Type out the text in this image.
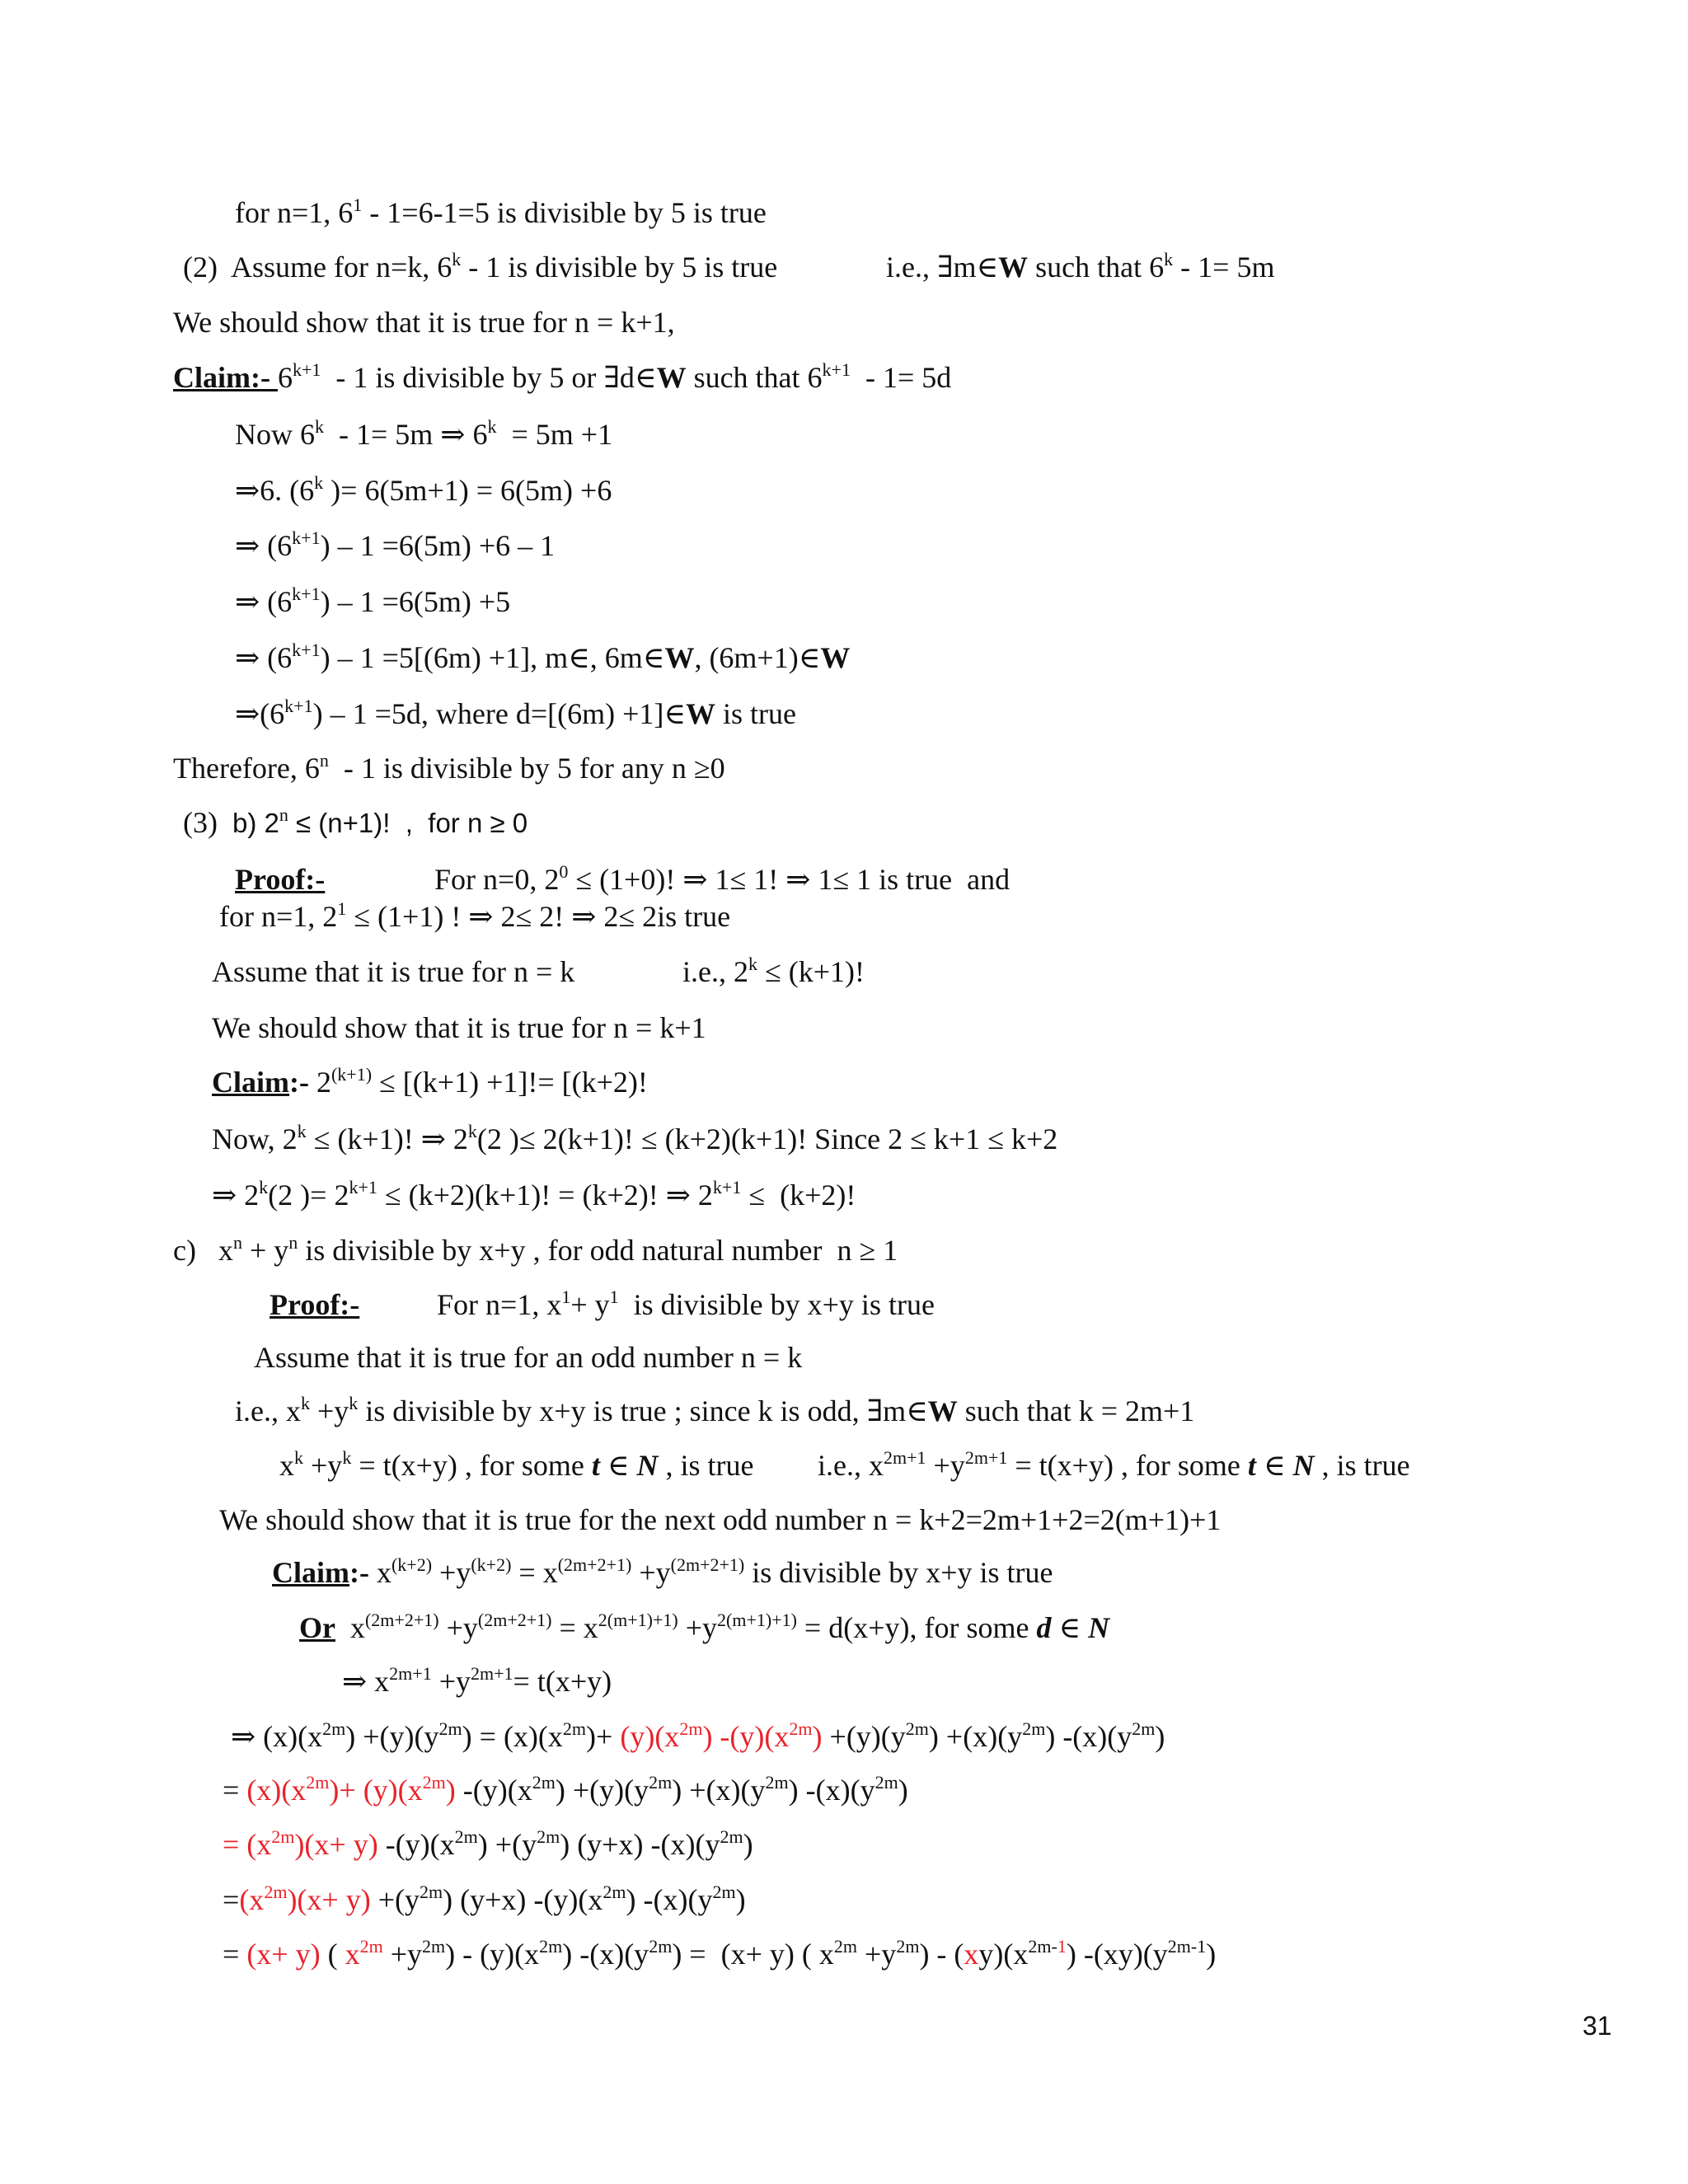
for n=1, $6^1 - 1=6-1=5$ is divisible by 5 is true
(2)  Assume for n=k, 6$^k$ - 1 is divisible by 5 is true	i.e., ∃m∈W such that 6$^k$ - 1= 5m
We should show that it is true for n = k+1,
Claim:- $6^{k+1} - 1$ is divisible by 5 or ∃d∈W such that $6^{k+1} - 1= 5d$
Now 6$^k$  - 1= 5m ⇒ 6$^k$  = 5m +1
⇒6. (6$^k$ )= 6(5m+1) = 6(5m) +6
⇒ $(6^{k+1}) - 1 =6(5m) +6 - 1$
⇒ $(6^{k+1}) - 1 =6(5m) +5$
⇒ $(6^{k+1}) - 1 =5[(6m) +1]$, m∈, 6m∈W, (6m+1)∈W
$\Rightarrow(6^{k+1}) - 1 =5d$, where d=[(6m) +1]∈W is true
Therefore, 6$^n$  - 1 is divisible by 5 for any n ≥0
(3)  b) $2^n \le (n+1)$!  ,  for n ≥ 0
Proof:-	For n=0, $2^0 \le (1+0)$! ⇒ 1≤ 1! ⇒ 1≤ 1 is true  and
for n=1, $2^1 \le (1+1)$ ! ⇒ 2≤ 2! ⇒ 2≤ 2is true
Assume that it is true for n = k	i.e., $2^k \le (k+1)$!
We should show that it is true for n = k+1
Claim:- $2^{(k+1)} \le [(k+1) +1]!= [(k+2)$!
Now, $2^k \le (k+1)$! ⇒ 2$^k$(2 )≤ 2(k+1)! ≤ (k+2)(k+1)! Since 2 ≤ k+1 ≤ k+2
⇒ 2$^k$(2 )= $2^{k+1} \le (k+2)(k+1)$! = (k+2)! ⇒ $2^{k+1} \le (k+2)$!
c)   $x^n + y^n$ is divisible by x+y , for odd natural number  n ≥ 1
Proof:-	For n=1, $x^1+ y^1$  is divisible by x+y is true
Assume that it is true for an odd number n = k
i.e., $x^k +y^k$ is divisible by x+y is true ; since k is odd, ∃m∈W such that k = 2m+1
$x^k +y^k = t(x+y)$ , for some t ∈ N , is true i.e., $x^{2m+1} +y^{2m+1} = t(x+y)$ , for some t ∈ N , is true
We should show that it is true for the next odd number n = k+2=2m+1+2=2(m+1)+1
Claim:- $x^{(k+2)} +y^{(k+2)} = x^{(2m+2+1)} +y^{(2m+2+1)}$ is divisible by x+y is true
Or  $x^{(2m+2+1)} +y^{(2m+2+1)} = x^{2(m+1)+1)} +y^{2(m+1)+1)} = d(x+y)$, for some d ∈ N
⇒ $x^{2m+1} +y^{2m+1}= t(x+y)$
⇒ $(x)(x^{2m}) +(y)(y^{2m}) = (x)(x^{2m})+ (y)(x^{2m})$ $-(y)(x^{2m}) +(y)(y^{2m}) +(x)(y^{2m})$ $-(x)(y^{2m})$
= $(x)(x^{2m})+ (y)(x^{2m})$ $-(y)(x^{2m}) +(y)(y^{2m}) +(x)(y^{2m})$ $-(x)(y^{2m})$
= $(x^{2m})(x+ y)$ $-(y)(x^{2m}) +(y^{2m})$ (y+x) $-(x)(y^{2m})$
$=(x^{2m})(x+ y) +(y^{2m})$ (y+x) $-(y)(x^{2m})$ $-(x)(y^{2m})$
= (x+ y) ( $x^{2m} +y^{2m}) - (y)(x^{2m})$ $-(x)(y^{2m}) = (x+ y)$ ( $x^{2m} +y^{2m}) - (xy)(x^{2m-1})$ $-(xy)(y^{2m-1})$
31
